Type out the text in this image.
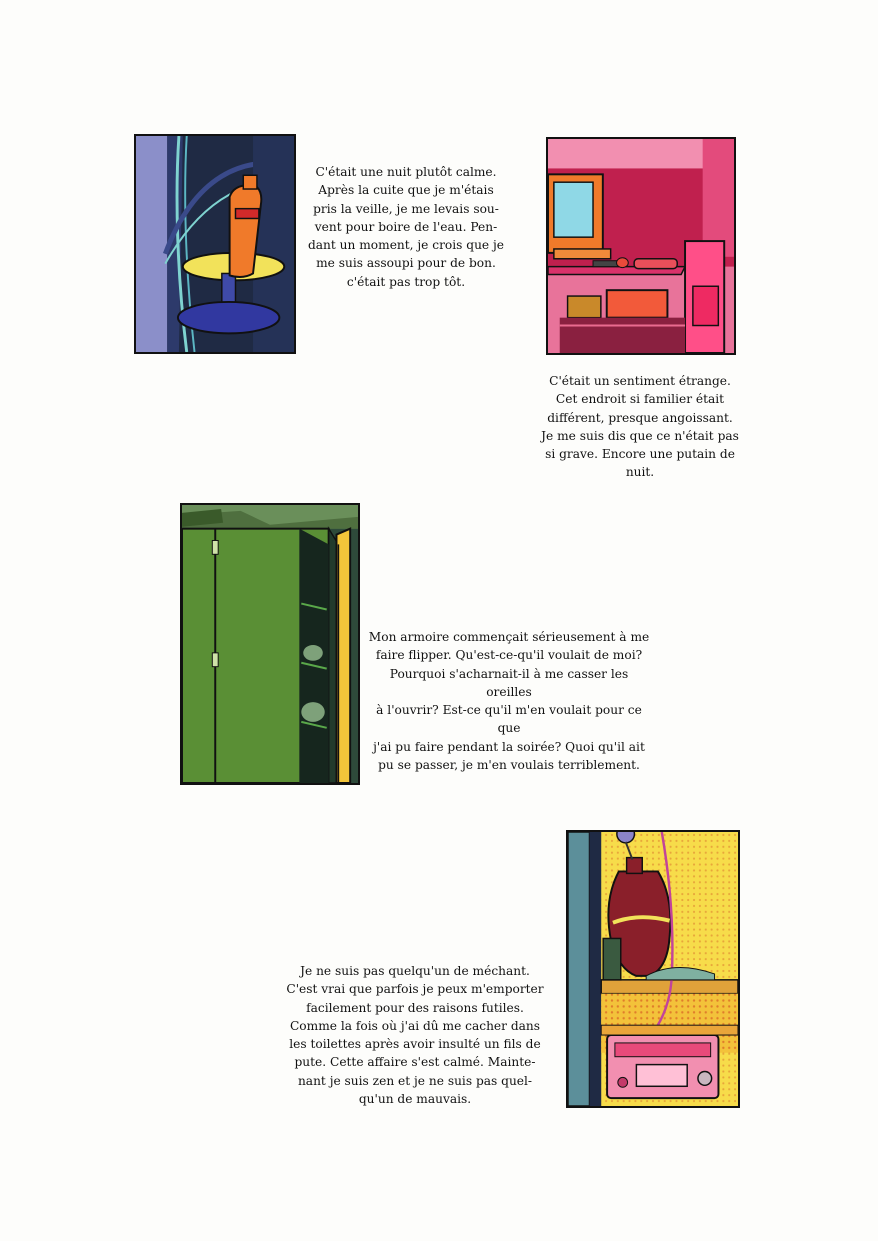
C'était une nuit plutôt calme.
Après la cuite que je m'étais
pris la veille, je me levais sou-
vent pour boire de l'eau. Pen-
dant un moment, je crois que je
me suis assoupi pour de bon.
c'était pas trop tôt.
C'était un sentiment étrange.
Cet endroit si familier était
différent, presque angoissant.
Je me suis dis que ce n'était pas
si grave. Encore une putain de
nuit.
Mon armoire commençait sérieusement à me
faire flipper. Qu'est-ce-qu'il voulait de moi?
Pourquoi s'acharnait-il à me casser les oreilles
à l'ouvrir? Est-ce qu'il m'en voulait pour ce que
j'ai pu faire pendant la soirée? Quoi qu'il ait
pu se passer, je m'en voulais terriblement.
Je ne suis pas quelqu'un de méchant.
C'est vrai que parfois je peux m'emporter
facilement pour des raisons futiles.
Comme la fois où j'ai dû me cacher dans
les toilettes après avoir insulté un fils de
pute. Cette affaire s'est calmé. Mainte-
nant je suis zen et je ne suis pas quel-
qu'un de mauvais.
